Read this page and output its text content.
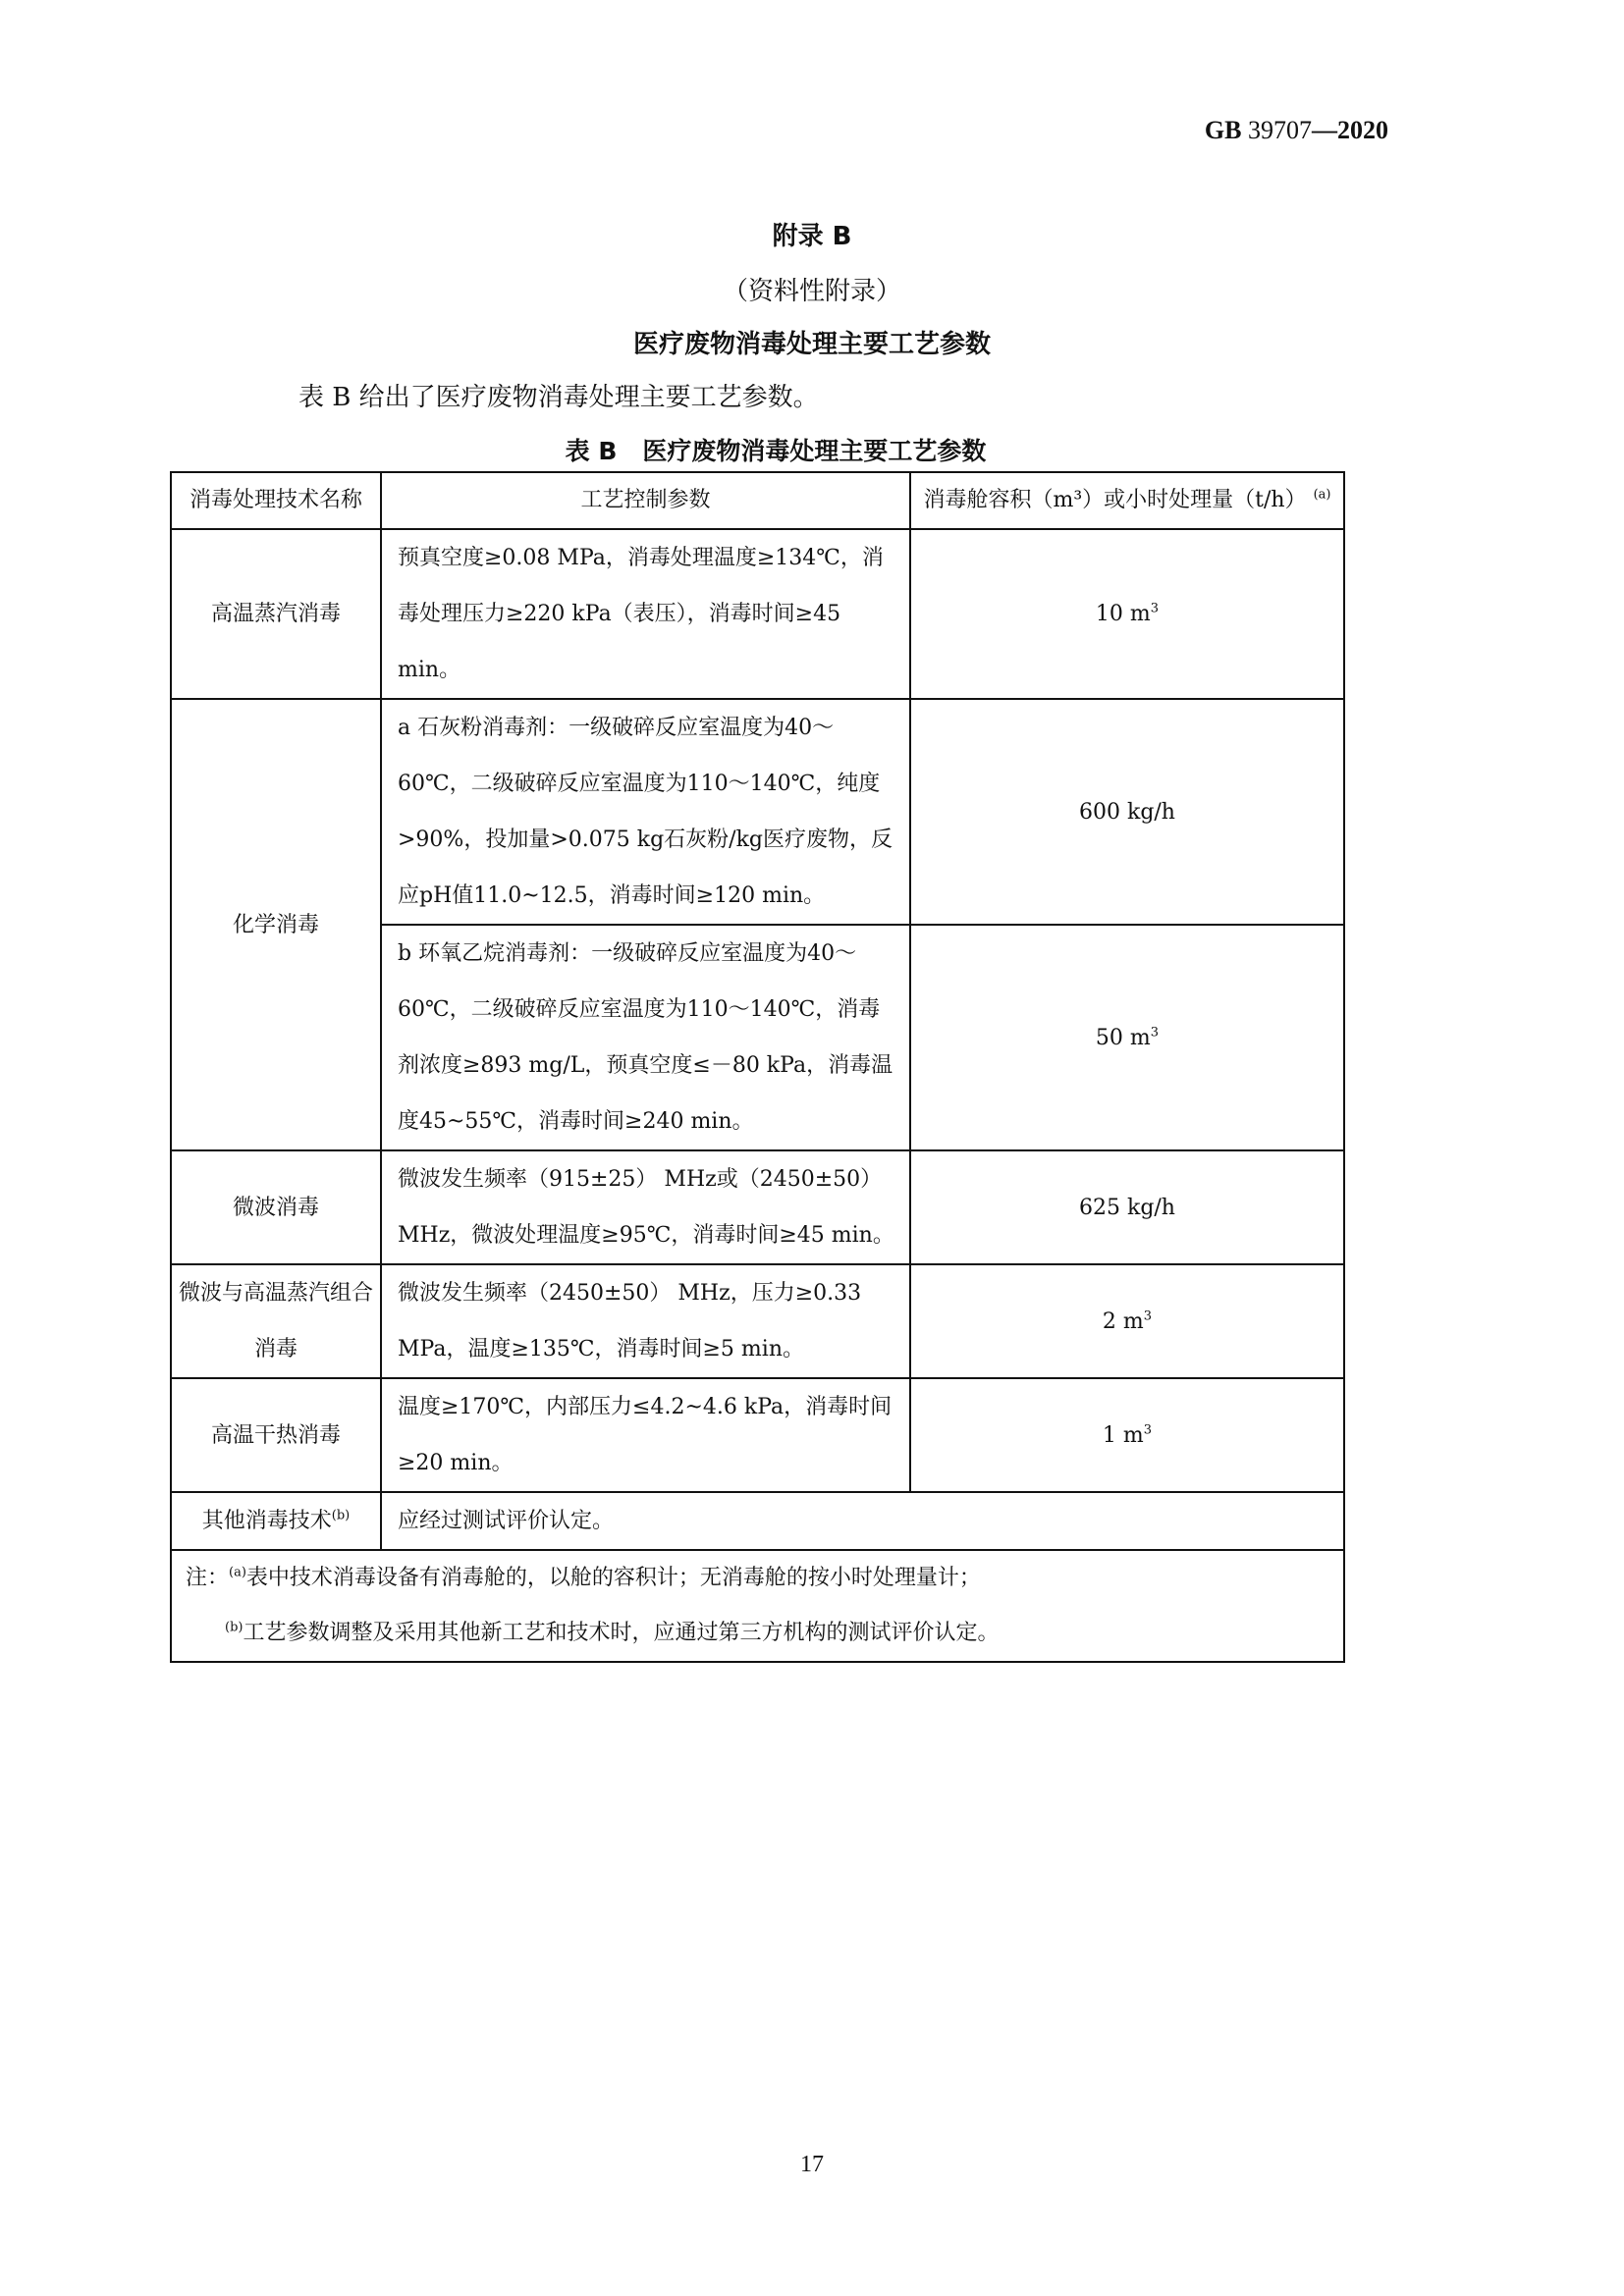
GB 39707—2020
附录 B
（资料性附录）
医疗废物消毒处理主要工艺参数
表 B 给出了医疗废物消毒处理主要工艺参数。
表 B 医疗废物消毒处理主要工艺参数
消毒处理技术名称	工艺控制参数	消毒舱容积（m³）或小时处理量（t/h） $^{(a)}$
高温蒸汽消毒	预真空度≥0.08 MPa，消毒处理温度≥134℃，消毒处理压力≥220 kPa（表压），消毒时间≥45 min。	10 $m^3$
化学消毒	a 石灰粉消毒剂：一级破碎反应室温度为40～60℃，二级破碎反应室温度为110～140℃，纯度>90%，投加量>0.075 kg石灰粉/kg医疗废物，反应pH值11.0~12.5，消毒时间≥120 min。	600 kg/h
	b 环氧乙烷消毒剂：一级破碎反应室温度为40～60℃，二级破碎反应室温度为110～140℃，消毒剂浓度≥893 mg/L，预真空度≤－80 kPa，消毒温度45~55℃，消毒时间≥240 min。	50 $m^3$
微波消毒	微波发生频率（915±25） MHz或（2450±50） MHz，微波处理温度≥95℃，消毒时间≥45 min。	625 kg/h
微波与高温蒸汽组合消毒	微波发生频率（2450±50） MHz，压力≥0.33 MPa，温度≥135℃，消毒时间≥5 min。	2 $m^3$
高温干热消毒	温度≥170℃，内部压力≤4.2~4.6 kPa，消毒时间≥20 min。	1 $m^3$
其他消毒技术$^{(b)}$	应经过测试评价认定。	

注：$^{(a)}$表中技术消毒设备有消毒舱的，以舱的容积计；无消毒舱的按小时处理量计；
$^{(b)}$工艺参数调整及采用其他新工艺和技术时，应通过第三方机构的测试评价认定。		
17
